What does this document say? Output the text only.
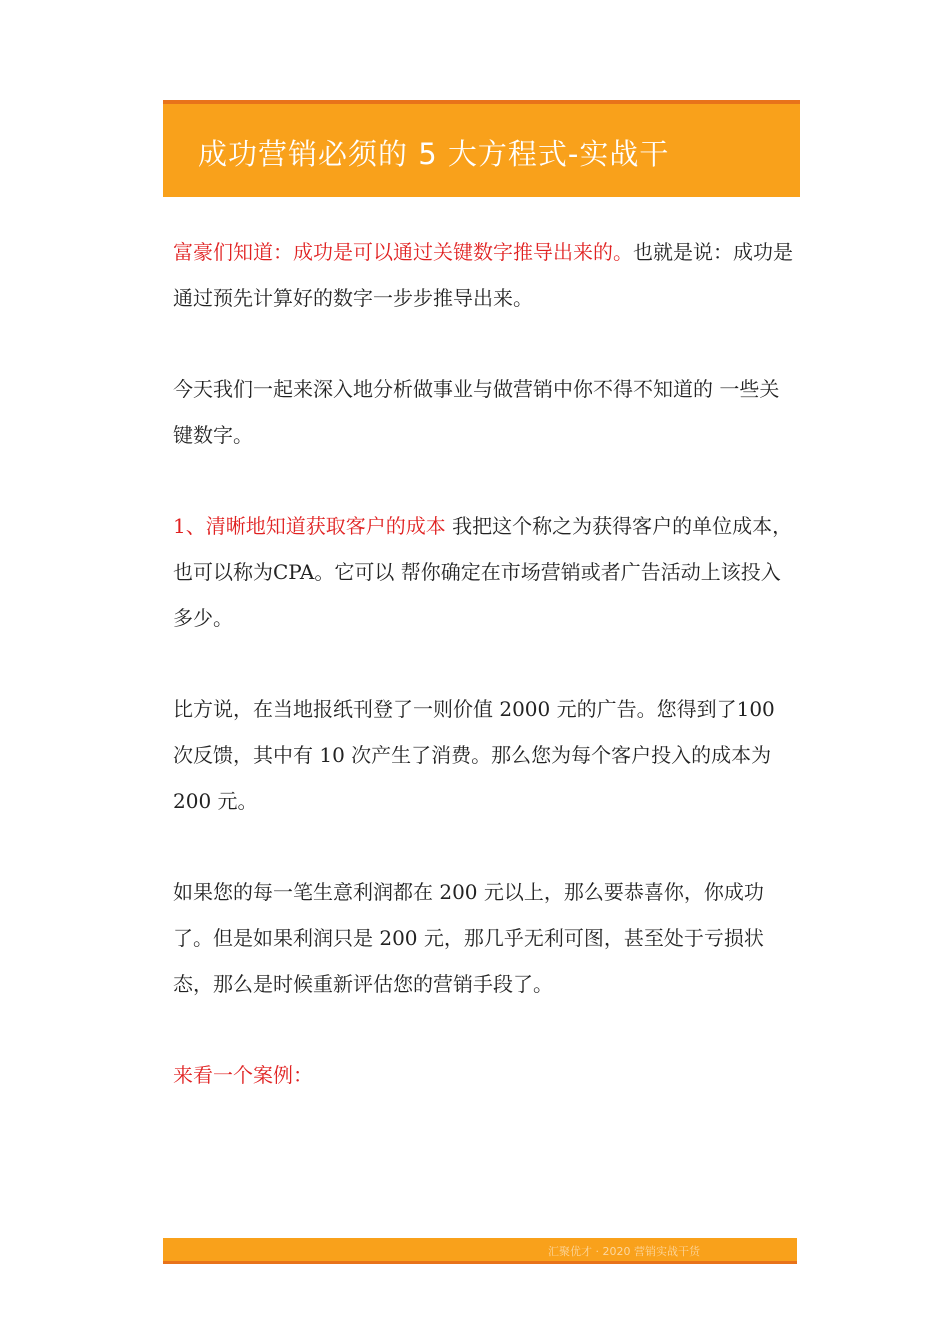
成功营销必须的 5 大方程式-实战干

富豪们知道：成功是可以通过关键数字推导出来的。也就是说：成功是通过预先计算好的数字一步步推导出来。

今天我们一起来深入地分析做事业与做营销中你不得不知道的 一些关键数字。

1、清晰地知道获取客户的成本 我把这个称之为获得客户的单位成本，也可以称为CPA。它可以 帮你确定在市场营销或者广告活动上该投入多少。

比方说，在当地报纸刊登了一则价值 2000 元的广告。您得到了100 次反馈，其中有 10 次产生了消费。那么您为每个客户投入的成本为 200 元。

如果您的每一笔生意利润都在 200 元以上，那么要恭喜你，你成功了。但是如果利润只是 200 元，那几乎无利可图，甚至处于亏损状态，那么是时候重新评估您的营销手段了。

来看一个案例：

汇聚优才 · 2020 营销实战干货
